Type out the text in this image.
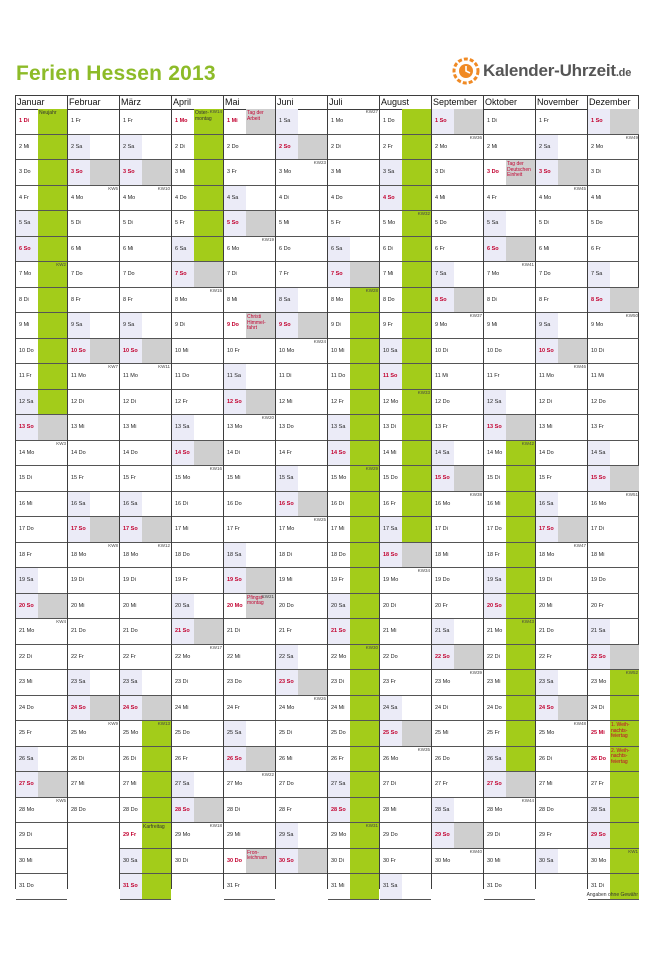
Ferien Hessen 2013	Kalender-Uhrzeit.de
Januar
1 Di
Neujahr
2 Mi
3 Do
4 Fr
5 Sa
6 So
7 Mo
KW2
8 Di
9 Mi
10 Do
11 Fr
12 Sa
13 So
14 Mo
KW3
15 Di
16 Mi
17 Do
18 Fr
19 Sa
20 So
21 Mo
KW4
22 Di
23 Mi
24 Do
25 Fr
26 Sa
27 So
28 Mo
KW5
29 Di
30 Mi
31 Do
Februar
1 Fr
2 Sa
3 So
4 Mo
KW6
5 Di
6 Mi
7 Do
8 Fr
9 Sa
10 So
11 Mo
KW7
12 Di
13 Mi
14 Do
15 Fr
16 Sa
17 So
18 Mo
KW8
19 Di
20 Mi
21 Do
22 Fr
23 Sa
24 So
25 Mo
KW9
26 Di
27 Mi
28 Do
März
1 Fr
2 Sa
3 So
4 Mo
KW10
5 Di
6 Mi
7 Do
8 Fr
9 Sa
10 So
11 Mo
KW11
12 Di
13 Mi
14 Do
15 Fr
16 Sa
17 So
18 Mo
KW12
19 Di
20 Mi
21 Do
22 Fr
23 Sa
24 So
25 Mo
KW13
26 Di
27 Mi
28 Do
29 Fr
Karfreitag
30 Sa
31 So
April
1 Mo
KW14
Oster-
montag
2 Di
3 Mi
4 Do
5 Fr
6 Sa
7 So
8 Mo
KW15
9 Di
10 Mi
11 Do
12 Fr
13 Sa
14 So
15 Mo
KW16
16 Di
17 Mi
18 Do
19 Fr
20 Sa
21 So
22 Mo
KW17
23 Di
24 Mi
25 Do
26 Fr
27 Sa
28 So
29 Mo
KW18
30 Di
Mai
1 Mi
Tag der
Arbeit
2 Do
3 Fr
4 Sa
5 So
6 Mo
KW19
7 Di
8 Mi
9 Do
Christi
Himmel-
fahrt
10 Fr
11 Sa
12 So
13 Mo
KW20
14 Di
15 Mi
16 Do
17 Fr
18 Sa
19 So
20 Mo
KW21
Pfingst-
montag
21 Di
22 Mi
23 Do
24 Fr
25 Sa
26 So
27 Mo
KW22
28 Di
29 Mi
30 Do
Fron-
leichnam
31 Fr
Juni
1 Sa
2 So
3 Mo
KW23
4 Di
5 Mi
6 Do
7 Fr
8 Sa
9 So
10 Mo
KW24
11 Di
12 Mi
13 Do
14 Fr
15 Sa
16 So
17 Mo
KW25
18 Di
19 Mi
20 Do
21 Fr
22 Sa
23 So
24 Mo
KW26
25 Di
26 Mi
27 Do
28 Fr
29 Sa
30 So
Juli
1 Mo
KW27
2 Di
3 Mi
4 Do
5 Fr
6 Sa
7 So
8 Mo
KW28
9 Di
10 Mi
11 Do
12 Fr
13 Sa
14 So
15 Mo
KW29
16 Di
17 Mi
18 Do
19 Fr
20 Sa
21 So
22 Mo
KW30
23 Di
24 Mi
25 Do
26 Fr
27 Sa
28 So
29 Mo
KW31
30 Di
31 Mi
August
1 Do
2 Fr
3 Sa
4 So
5 Mo
KW32
6 Di
7 Mi
8 Do
9 Fr
10 Sa
11 So
12 Mo
KW33
13 Di
14 Mi
15 Do
16 Fr
17 Sa
18 So
19 Mo
KW34
20 Di
21 Mi
22 Do
23 Fr
24 Sa
25 So
26 Mo
KW35
27 Di
28 Mi
29 Do
30 Fr
31 Sa
September
1 So
2 Mo
KW36
3 Di
4 Mi
5 Do
6 Fr
7 Sa
8 So
9 Mo
KW37
10 Di
11 Mi
12 Do
13 Fr
14 Sa
15 So
16 Mo
KW38
17 Di
18 Mi
19 Do
20 Fr
21 Sa
22 So
23 Mo
KW39
24 Di
25 Mi
26 Do
27 Fr
28 Sa
29 So
30 Mo
KW40
Oktober
1 Di
2 Mi
3 Do
Tag der
Deutschen
Einheit
4 Fr
5 Sa
6 So
7 Mo
KW41
8 Di
9 Mi
10 Do
11 Fr
12 Sa
13 So
14 Mo
KW42
15 Di
16 Mi
17 Do
18 Fr
19 Sa
20 So
21 Mo
KW43
22 Di
23 Mi
24 Do
25 Fr
26 Sa
27 So
28 Mo
KW44
29 Di
30 Mi
31 Do
November
1 Fr
2 Sa
3 So
4 Mo
KW45
5 Di
6 Mi
7 Do
8 Fr
9 Sa
10 So
11 Mo
KW46
12 Di
13 Mi
14 Do
15 Fr
16 Sa
17 So
18 Mo
KW47
19 Di
20 Mi
21 Do
22 Fr
23 Sa
24 So
25 Mo
KW48
26 Di
27 Mi
28 Do
29 Fr
30 Sa
Dezember
1 So
2 Mo
KW49
3 Di
4 Mi
5 Do
6 Fr
7 Sa
8 So
9 Mo
KW50
10 Di
11 Mi
12 Do
13 Fr
14 Sa
15 So
16 Mo
KW51
17 Di
18 Mi
19 Do
20 Fr
21 Sa
22 So
23 Mo
KW52
24 Di
25 Mi
1. Weih-
nachts-
feiertag
26 Do
2. Weih-
nachts-
feiertag
27 Fr
28 Sa
29 So
30 Mo
KW1
31 Di
Angaben ohne Gewähr
